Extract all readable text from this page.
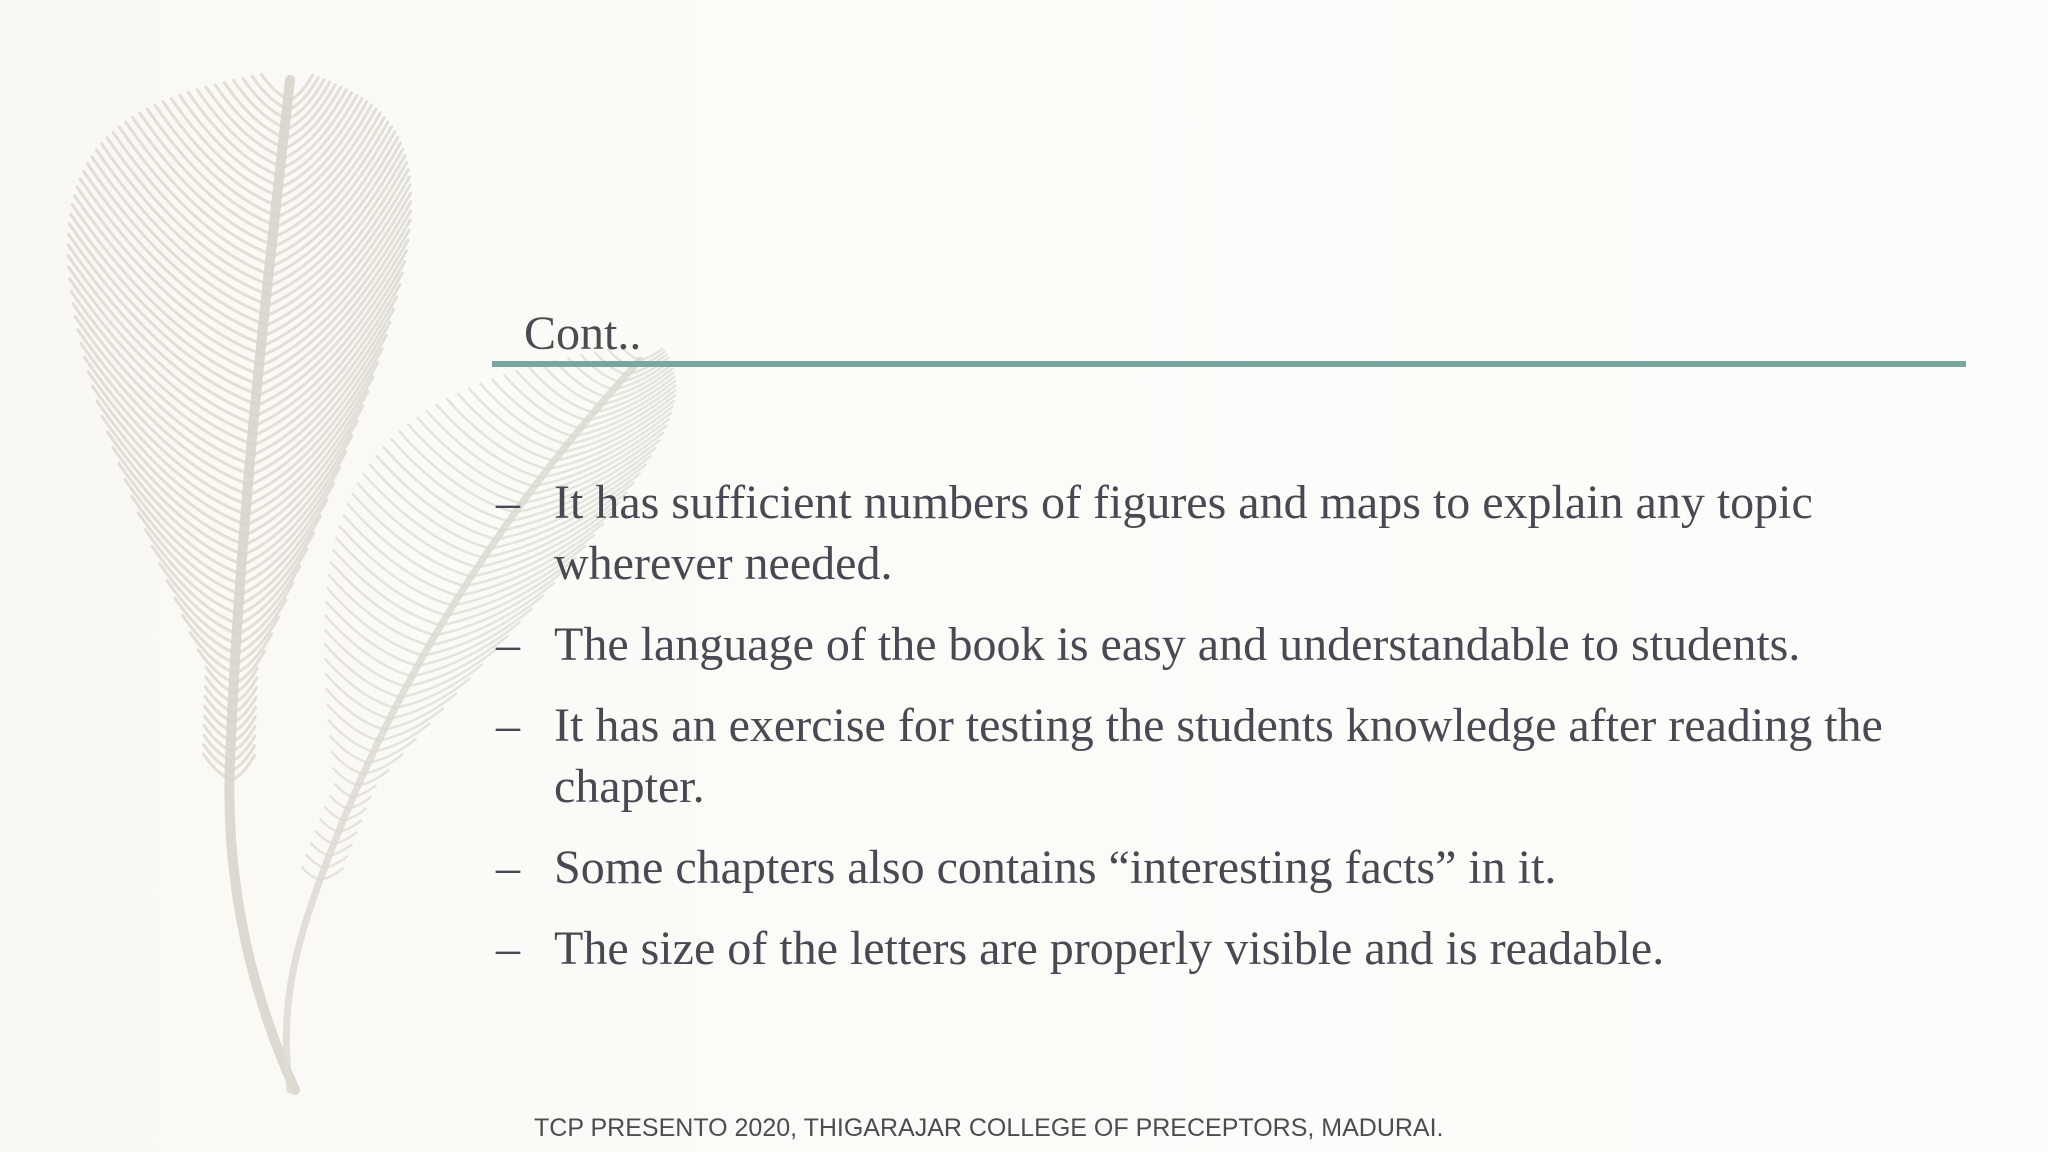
Cont..
– It has sufficient numbers of figures and maps to explain any topic wherever needed.
– The language of the book is easy and understandable to students.
– It has an exercise for testing the students knowledge after reading the chapter.
– Some chapters also contains “interesting facts” in it.
– The size of the letters are properly visible and is readable.
TCP PRESENTO 2020, THIGARAJAR COLLEGE OF PRECEPTORS, MADURAI.
